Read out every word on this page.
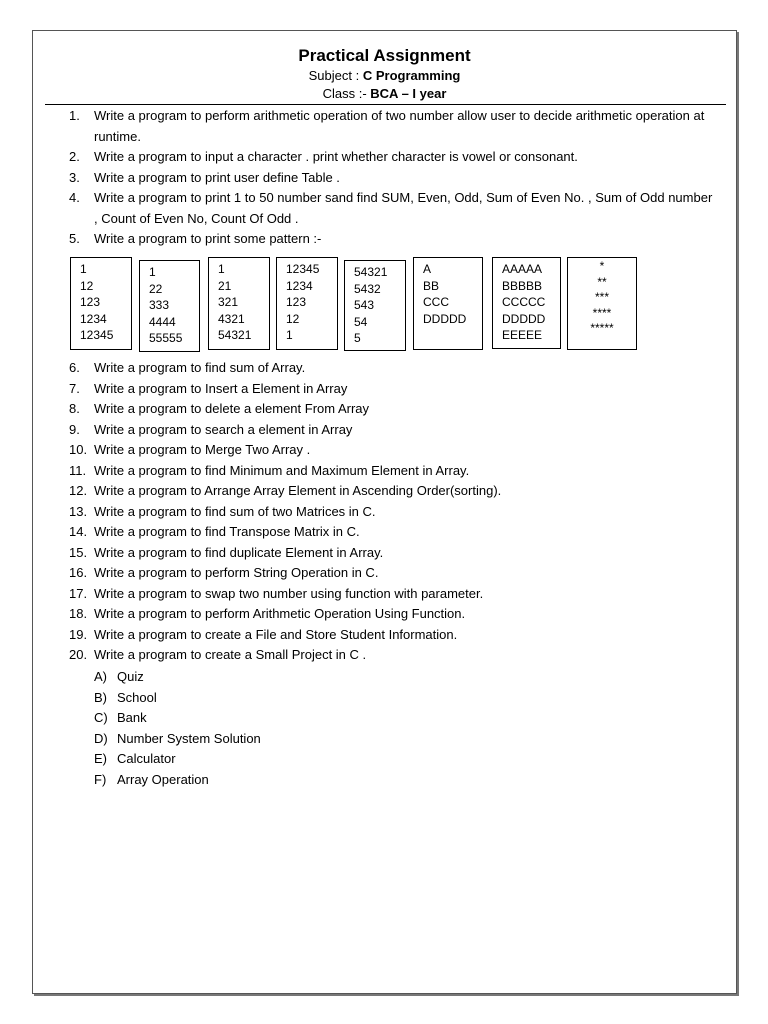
Practical Assignment
Subject : C Programming
Class :- BCA – I year
1. Write a program to perform arithmetic operation of two number allow user to decide arithmetic operation at runtime.
2. Write a program to input a character . print whether character is vowel or consonant.
3. Write a program to print user define Table .
4. Write a program to print 1 to 50 number sand find SUM, Even, Odd, Sum of Even No. , Sum of Odd number , Count of Even No, Count Of Odd .
5. Write a program to print some pattern :-
1
12
123
1234
12345
1
22
333
4444
55555
1
21
321
4321
54321
12345
1234
123
12
1
54321
5432
543
54
5
A
BB
CCC
DDDDD
AAAAA
BBBBB
CCCCC
DDDDD
EEEEE
*
**
***
****
*****
6. Write a program to find sum of Array.
7. Write a program to Insert a Element in Array
8. Write a program to delete a element From Array
9. Write a program to search a element in Array
10. Write a program to Merge Two Array .
11. Write a program to find Minimum and Maximum Element in Array.
12. Write a program to Arrange Array Element in Ascending Order(sorting).
13. Write a program to find sum of two Matrices in C.
14. Write a program to find Transpose Matrix in C.
15. Write a program to find duplicate Element in Array.
16. Write a program to perform String Operation in C.
17. Write a program to swap two number using function with parameter.
18. Write a program to perform Arithmetic Operation Using Function.
19. Write a program to create a File and Store Student Information.
20. Write a program to create a Small Project in C .
A) Quiz
B) School
C) Bank
D) Number System Solution
E) Calculator
F) Array Operation
